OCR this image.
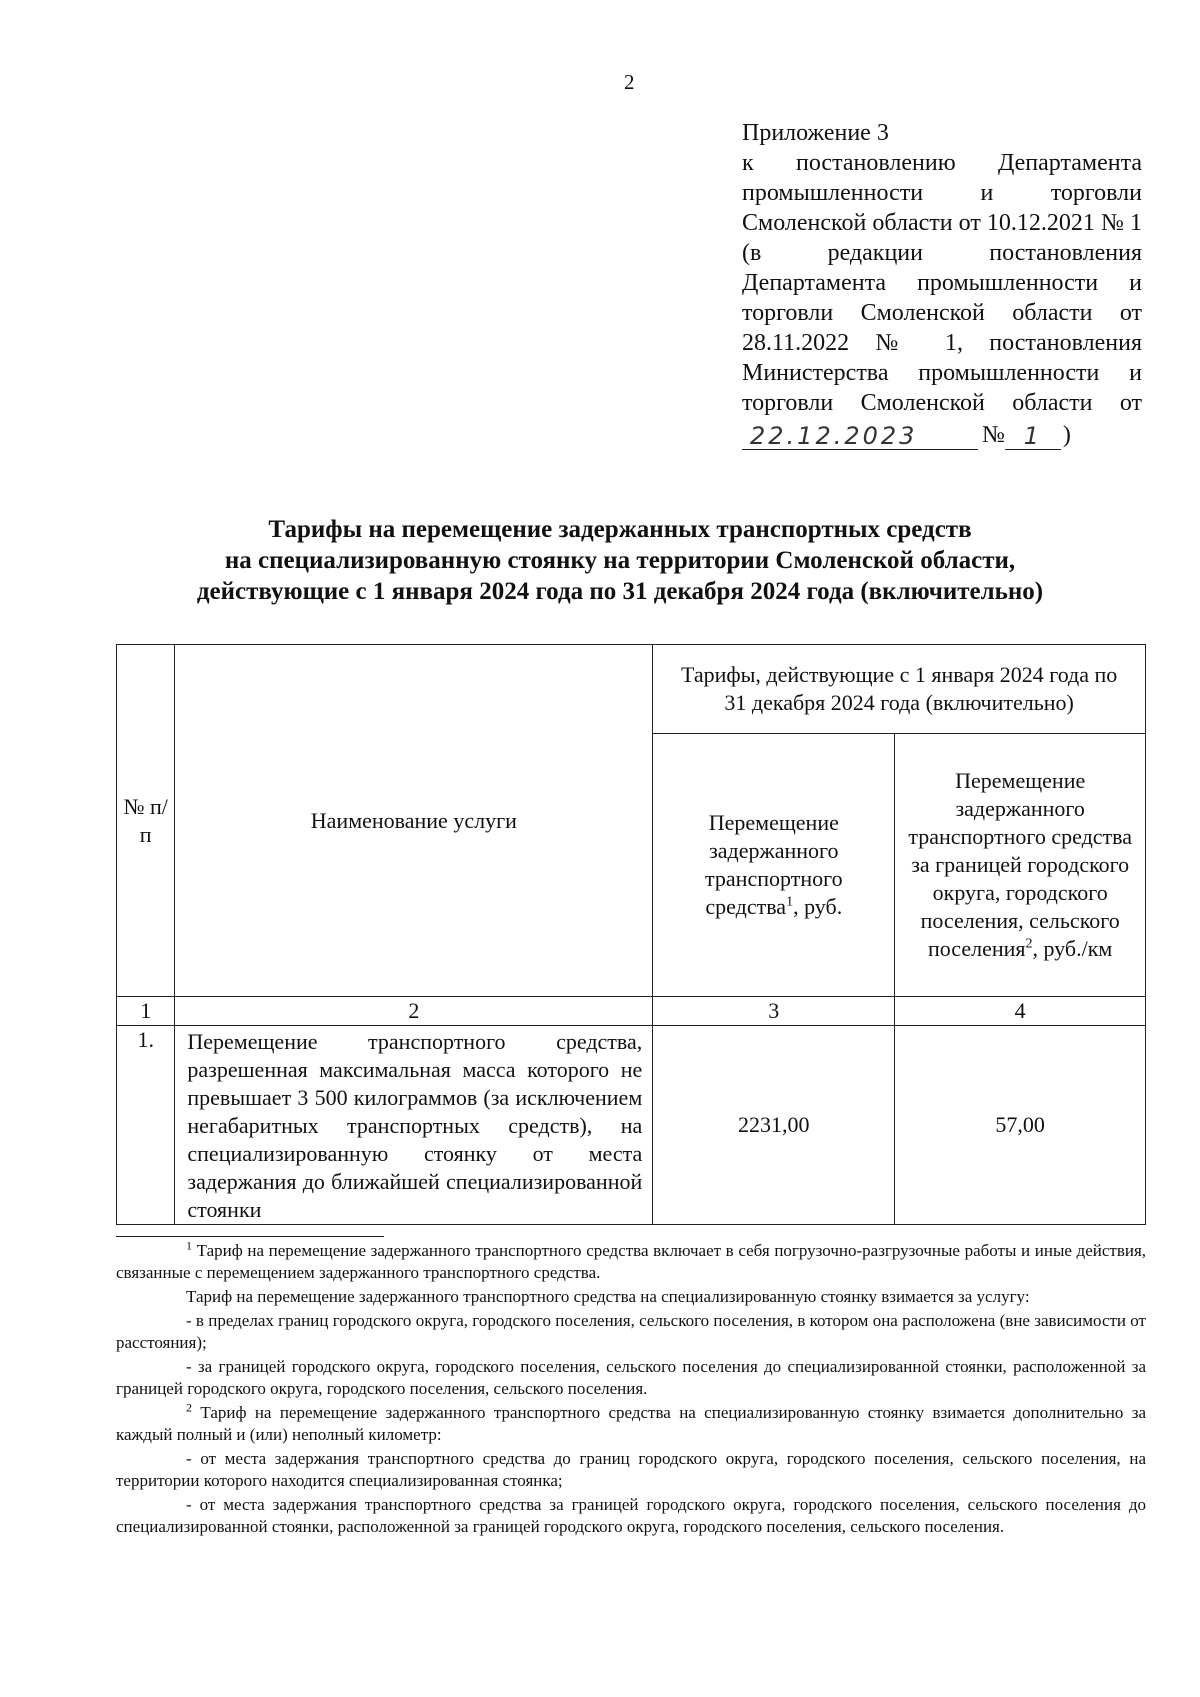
2

Приложение 3

к постановлению Департамента промышленности и торговли Смоленской области от 10.12.2021 № 1 (в редакции постановления Департамента промышленности и торговли Смоленской области от 28.11.2022 № 1, постановления Министерства промышленности и торговли Смоленской области от

22.12.2023	№ 1 )
Тарифы на перемещение задержанных транспортных средств
на специализированную стоянку на территории Смоленской области,
действующие с 1 января 2024 года по 31 декабря 2024 года (включительно)
№ п/п	Наименование услуги	Тарифы, действующие с 1 января 2024 года по 31 декабря 2024 года (включительно)	
		Перемещение задержанного транспортного средства$^1$, руб.	Перемещение задержанного транспортного средства за границей городского округа, городского поселения, сельского поселения$^2$, руб./км
1	2	3	4
1.	Перемещение транспортного средства, разрешенная максимальная масса которого не превышает 3 500 килограммов (за исключением негабаритных транспортных средств), на специализированную стоянку от места задержания до ближайшей специализированной стоянки	2231,00	57,00

$^1$ Тариф на перемещение задержанного транспортного средства включает в себя погрузочно-разгрузочные работы и иные действия, связанные с перемещением задержанного транспортного средства.

Тариф на перемещение задержанного транспортного средства на специализированную стоянку взимается за услугу:

- в пределах границ городского округа, городского поселения, сельского поселения, в котором она расположена (вне зависимости от расстояния);

- за границей городского округа, городского поселения, сельского поселения до специализированной стоянки, расположенной за границей городского округа, городского поселения, сельского поселения.

$^2$ Тариф на перемещение задержанного транспортного средства на специализированную стоянку взимается дополнительно за каждый полный и (или) неполный километр:

- от места задержания транспортного средства до границ городского округа, городского поселения, сельского поселения, на территории которого находится специализированная стоянка;

- от места задержания транспортного средства за границей городского округа, городского поселения, сельского поселения до специализированной стоянки, расположенной за границей городского округа, городского поселения, сельского поселения.
